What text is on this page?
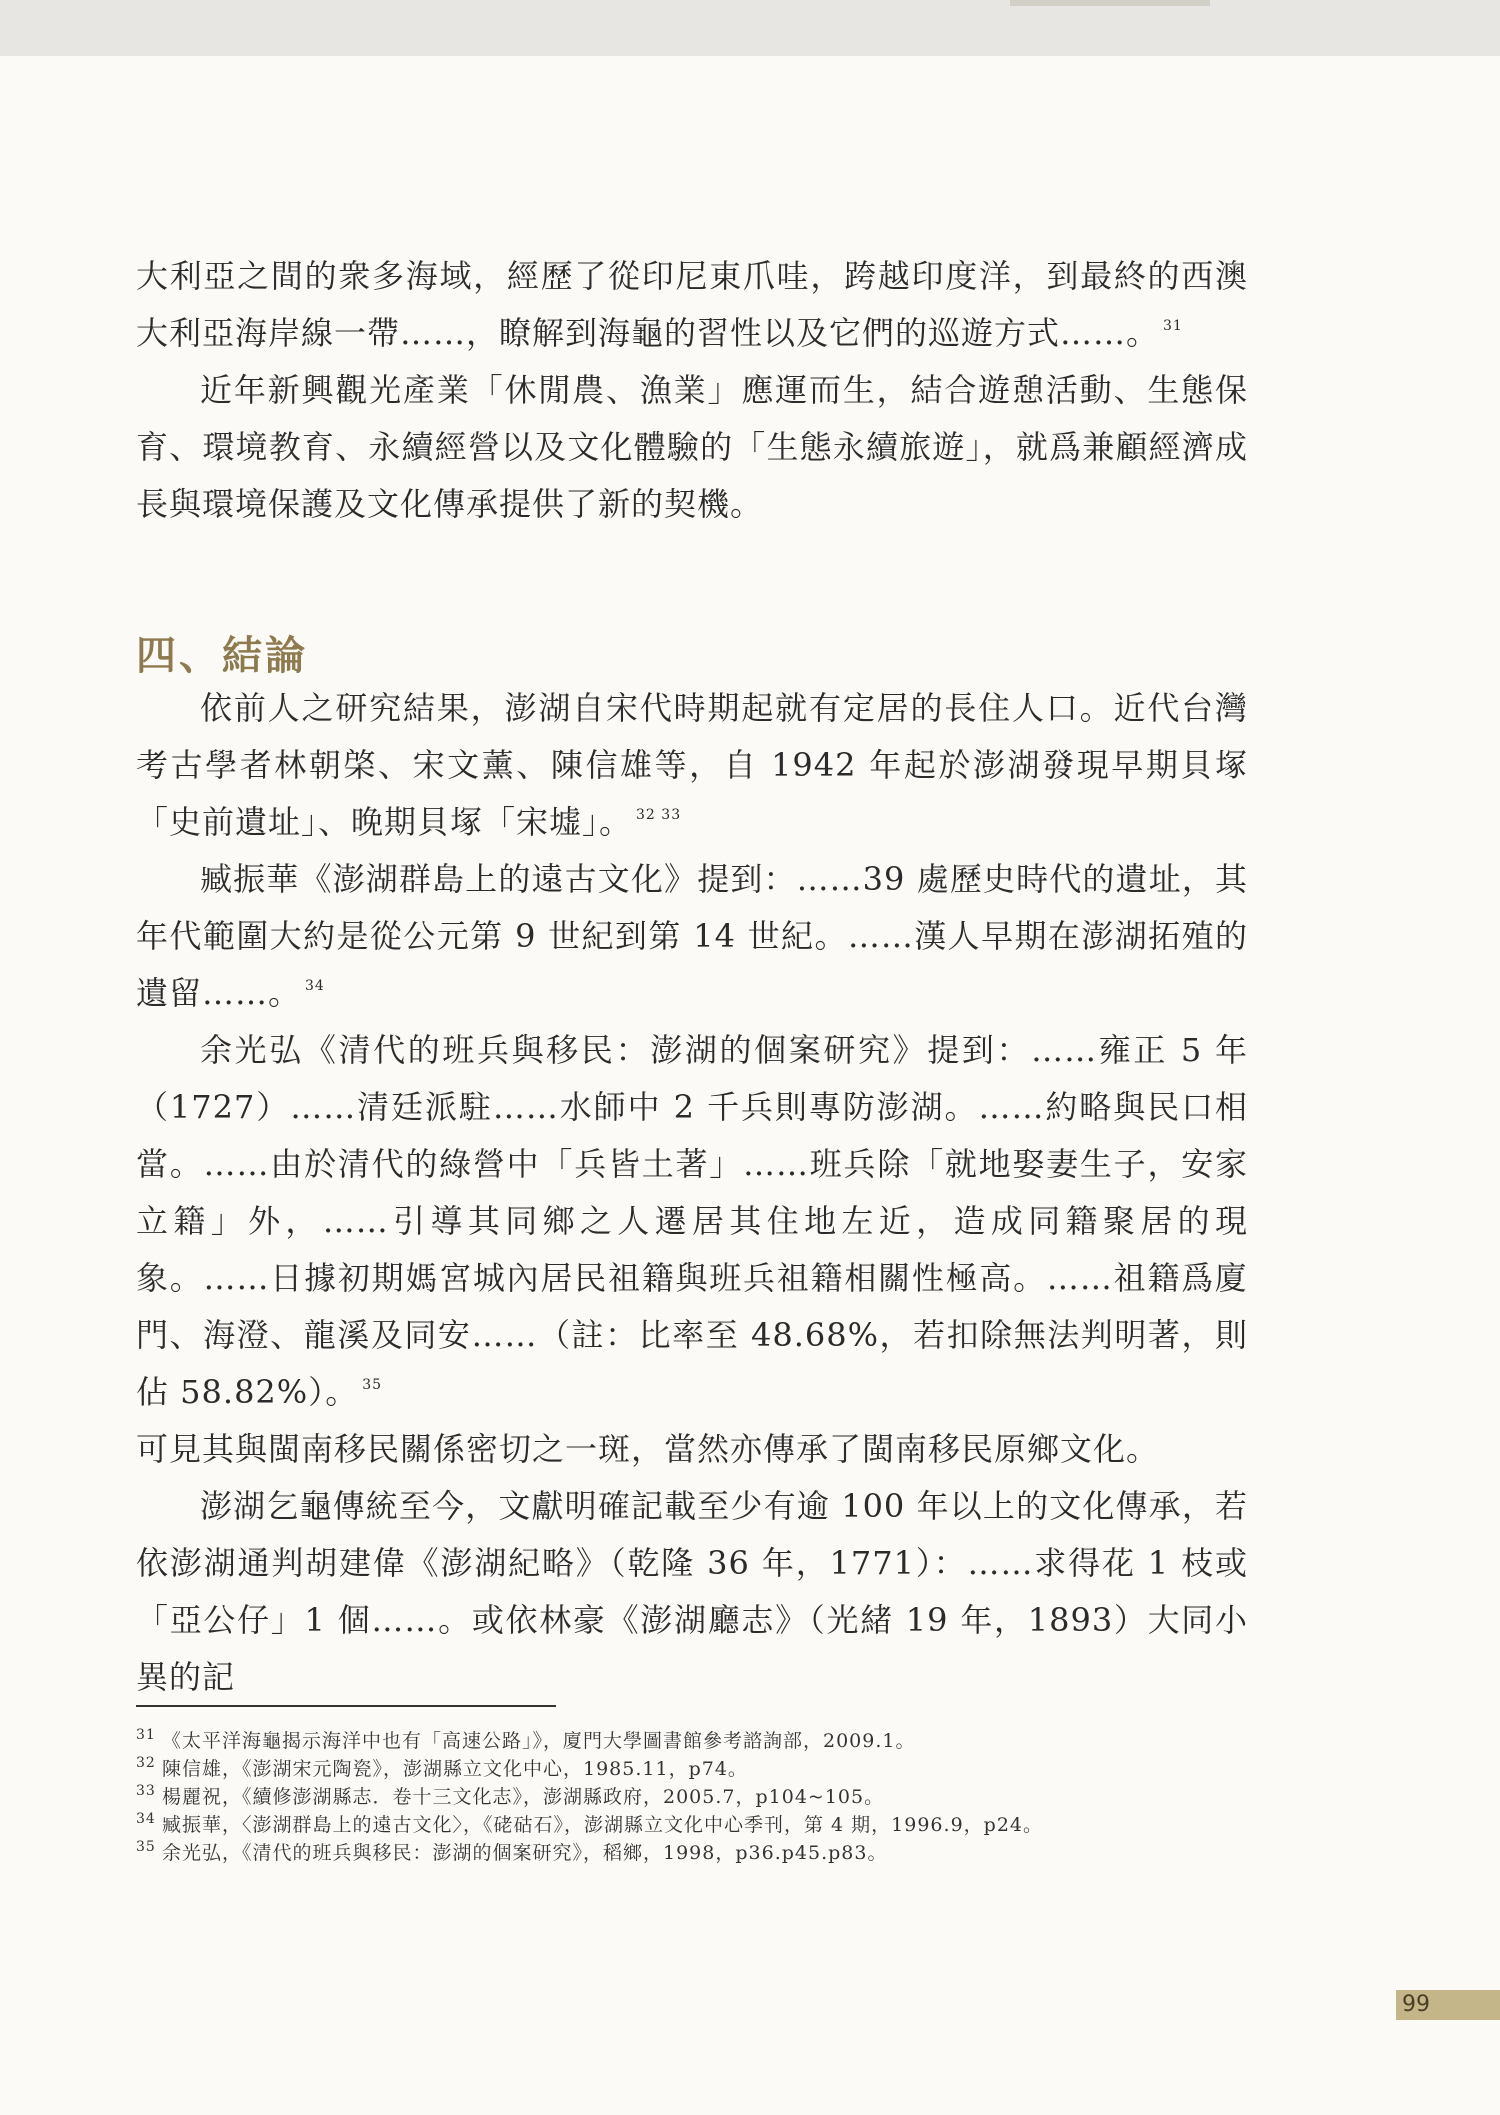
大利亞之間的衆多海域，經歷了從印尼東爪哇，跨越印度洋，到最終的西澳大利亞海岸線一帶……，瞭解到海龜的習性以及它們的巡遊方式……。 $^{31}$

近年新興觀光產業「休閒農、漁業」應運而生，結合遊憩活動、生態保育、環境教育、永續經營以及文化體驗的「生態永續旅遊」，就爲兼顧經濟成長與環境保護及文化傳承提供了新的契機。

四、結論

依前人之研究結果，澎湖自宋代時期起就有定居的長住人口。近代台灣考古學者林朝棨、宋文薰、陳信雄等，自 1942 年起於澎湖發現早期貝塚「史前遺址」、晚期貝塚「宋墟」。 $^{32 33}$

臧振華《澎湖群島上的遠古文化》提到：……39 處歷史時代的遺址，其年代範圍大約是從公元第 9 世紀到第 14 世紀。……漢人早期在澎湖拓殖的遺留……。 $^{34}$

余光弘《清代的班兵與移民：澎湖的個案研究》提到：……雍正 5 年（1727）……清廷派駐……水師中 2 千兵則專防澎湖。……約略與民口相當。……由於清代的綠營中「兵皆土著」……班兵除「就地娶妻生子，安家立籍」外，……引導其同鄉之人遷居其住地左近，造成同籍聚居的現象。……日據初期媽宮城內居民祖籍與班兵祖籍相關性極高。……祖籍爲廈門、海澄、龍溪及同安……（註：比率至 48.68%，若扣除無法判明著，則佔 58.82%）。 $^{35}$
可見其與閩南移民關係密切之一斑，當然亦傳承了閩南移民原鄉文化。

澎湖乞龜傳統至今，文獻明確記載至少有逾 100 年以上的文化傳承，若依澎湖通判胡建偉《澎湖紀略》（乾隆 36 年，1771）：……求得花 1 枝或「亞公仔」1 個……。或依林豪《澎湖廳志》（光緒 19 年，1893）大同小異的記

31 《太平洋海龜揭示海洋中也有「高速公路」》，廈門大學圖書館參考諮詢部，2009.1。
32 陳信雄，《澎湖宋元陶瓷》，澎湖縣立文化中心，1985.11，p74。
33 楊麗祝，《續修澎湖縣志．卷十三文化志》，澎湖縣政府，2005.7，p104~105。
34 臧振華，〈澎湖群島上的遠古文化〉，《硓𥑮石》，澎湖縣立文化中心季刊，第 4 期，1996.9，p24。
35 余光弘，《清代的班兵與移民：澎湖的個案研究》，稻鄉，1998，p36.p45.p83。
99
